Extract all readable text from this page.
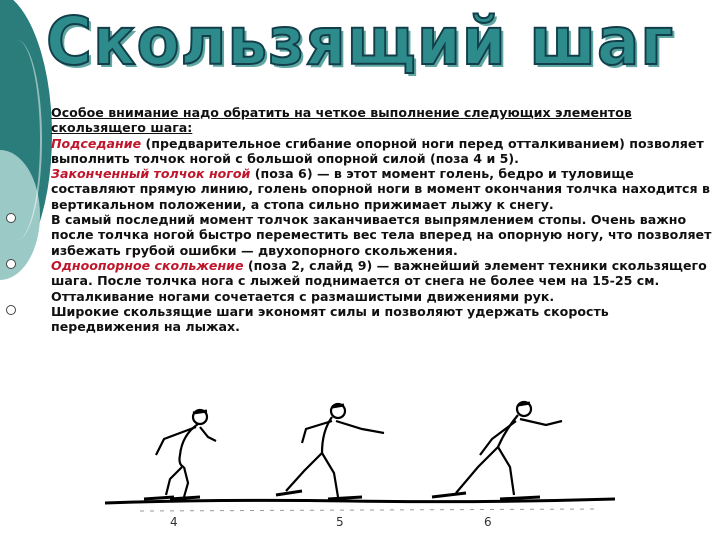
Скользящий шаг
Особое внимание надо обратить на четкое выполнение следующих элементов скользящего шага:
Подседание (предварительное сгибание опорной ноги перед отталкиванием) позволяет выполнить толчок ногой с большой опорной силой (поза 4 и 5).
Законченный толчок ногой (поза 6) — в этот момент голень, бедро и туловище составляют прямую линию, голень опорной ноги в момент окончания толчка находится в вертикальном положении, а стопа сильно прижимает лыжу к снегу.
В самый последний момент толчок заканчивается выпрямлением стопы. Очень важно после толчка ногой быстро переместить вес тела вперед на опорную ногу, что позволяет избежать грубой ошибки — двухопорного скольжения.
Одноопорное скольжение (поза 2, слайд 9) — важнейший элемент техники скользящего шага. После толчка нога с лыжей поднимается от снега не более чем на 15-25 см. Отталкивание ногами сочетается с размашистыми движениями рук.
Широкие скользящие шаги экономят силы и позволяют удержать скорость передвижения на лыжах.
4	5	6
